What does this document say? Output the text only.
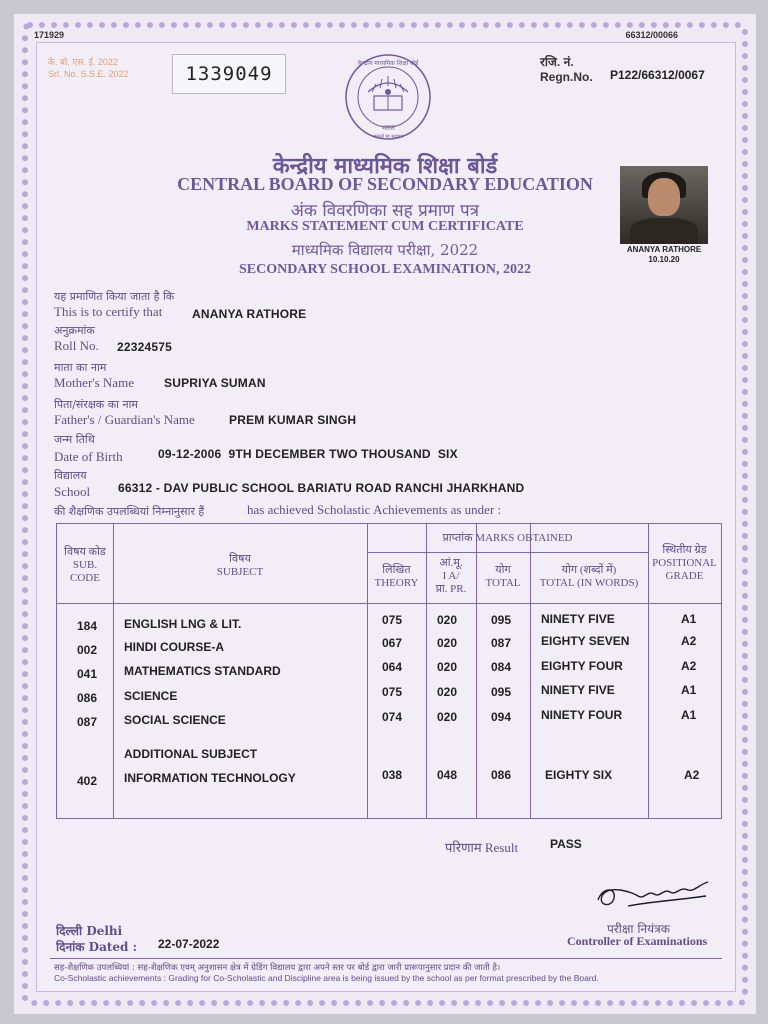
171929	66312/00066
के. बो. एस. ई. 2022
Srl. No. S.S.E. 2022	1339049
भारत
असतो मा सद्गमय
केन्द्रीय माध्यमिक शिक्षा बोर्ड	रजि. नं.
Regn.No. P122/66312/0067
ANANYA RATHORE
10.10.20
केन्द्रीय माध्यमिक शिक्षा बोर्ड
CENTRAL BOARD OF SECONDARY EDUCATION
अंक विवरणिका सह प्रमाण पत्र
MARKS STATEMENT CUM CERTIFICATE
माध्यमिक विद्यालय परीक्षा, 2022
SECONDARY SCHOOL EXAMINATION, 2022
यह प्रमाणित किया जाता है कि
This is to certify that ANANYA RATHORE
अनुक्रमांक
Roll No. 22324575
माता का नाम
Mother's Name	SUPRIYA SUMAN
पिता/संरक्षक का नाम
Father's / Guardian's Name	PREM KUMAR SINGH
जन्म तिथि
Date of Birth	09-12-2006  9TH DECEMBER TWO THOUSAND  SIX
विद्यालय
School 66312 - DAV PUBLIC SCHOOL BARIATU ROAD RANCHI JHARKHAND
की शैक्षणिक उपलब्धियां निम्नानुसार हैं	has achieved Scholastic Achievements as under :
विषय कोड
SUB.
CODE
विषय
SUBJECT
प्राप्तांक MARKS OBTAINED
लिखित
THEORY
आं.मू.
I A/
प्रा. PR.
योग
TOTAL
योग (शब्दों में)
TOTAL (IN WORDS)
स्थितीय ग्रेड
POSITIONAL
GRADE
184 ENGLISH LNG & LIT.	075	020	095 NINETY FIVE	A1
002 HINDI COURSE-A	067	020	087 EIGHTY SEVEN	A2
041 MATHEMATICS STANDARD	064	020	084 EIGHTY FOUR	A2
086 SCIENCE	075	020	095 NINETY FIVE	A1
087 SOCIAL SCIENCE	074	020	094 NINETY FOUR	A1
ADDITIONAL SUBJECT
402 INFORMATION TECHNOLOGY	038	048	086	EIGHTY SIX	A2
परिणाम Result	PASS
परीक्षा नियंत्रक
Controller of Examinations
दिल्ली Delhi
दिनांक Dated : 22-07-2022
सह-शैक्षणिक उपलब्धियां : सह-शैक्षणिक एवम् अनुशासन क्षेत्र में ग्रेडिंग विद्यालय द्वारा अपने स्तर पर बोर्ड द्वारा जारी प्रारूपानुसार प्रदान की जाती है।
Co-Scholastic achievements : Grading for Co-Scholastic and Discipline area is being issued by the school as per format prescribed by the Board.
